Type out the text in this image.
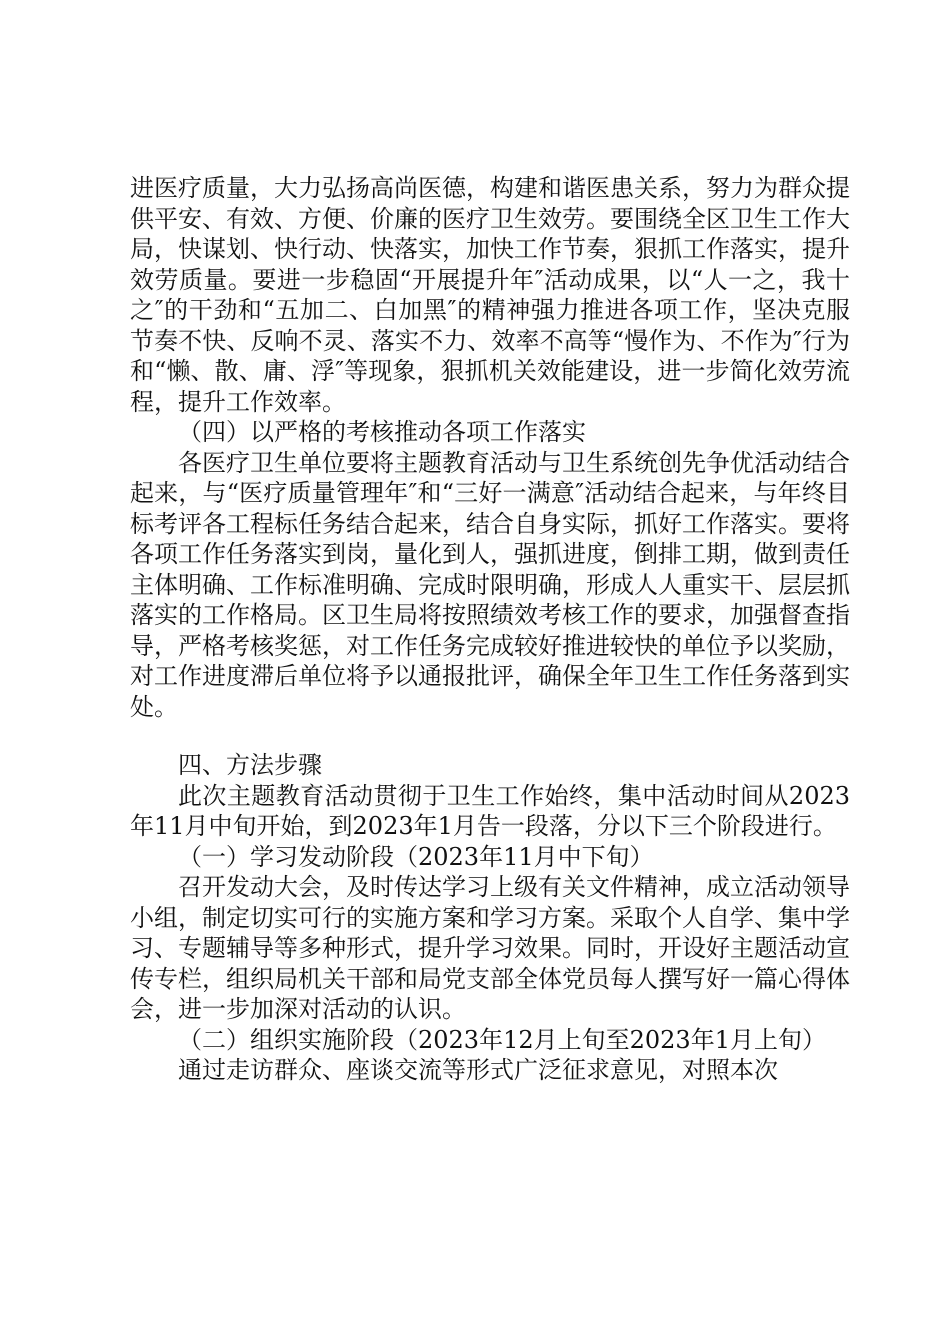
进医疗质量，大力弘扬高尚医德，构建和谐医患关系，努力为群众提供平安、有效、方便、价廉的医疗卫生效劳。要围绕全区卫生工作大局，快谋划、快行动、快落实，加快工作节奏，狠抓工作落实，提升效劳质量。要进一步稳固“开展提升年″活动成果，以“人一之，我十之″的干劲和“五加二、白加黑″的精神强力推进各项工作，坚决克服节奏不快、反响不灵、落实不力、效率不高等“慢作为、不作为″行为和“懒、散、庸、浮″等现象，狠抓机关效能建设，进一步简化效劳流程，提升工作效率。

（四）以严格的考核推动各项工作落实

各医疗卫生单位要将主题教育活动与卫生系统创先争优活动结合起来，与“医疗质量管理年″和“三好一满意″活动结合起来，与年终目标考评各工程标任务结合起来，结合自身实际，抓好工作落实。要将各项工作任务落实到岗，量化到人，强抓进度，倒排工期，做到责任主体明确、工作标准明确、完成时限明确，形成人人重实干、层层抓落实的工作格局。区卫生局将按照绩效考核工作的要求，加强督查指导，严格考核奖惩，对工作任务完成较好推进较快的单位予以奖励，对工作进度滞后单位将予以通报批评，确保全年卫生工作任务落到实处。

四、方法步骤

此次主题教育活动贯彻于卫生工作始终，集中活动时间从2023年11月中旬开始，到2023年1月告一段落，分以下三个阶段进行。

（一）学习发动阶段（2023年11月中下旬）

召开发动大会，及时传达学习上级有关文件精神，成立活动领导小组，制定切实可行的实施方案和学习方案。采取个人自学、集中学习、专题辅导等多种形式，提升学习效果。同时，开设好主题活动宣传专栏，组织局机关干部和局党支部全体党员每人撰写好一篇心得体会，进一步加深对活动的认识。

（二）组织实施阶段（2023年12月上旬至2023年1月上旬）

通过走访群众、座谈交流等形式广泛征求意见，对照本次
